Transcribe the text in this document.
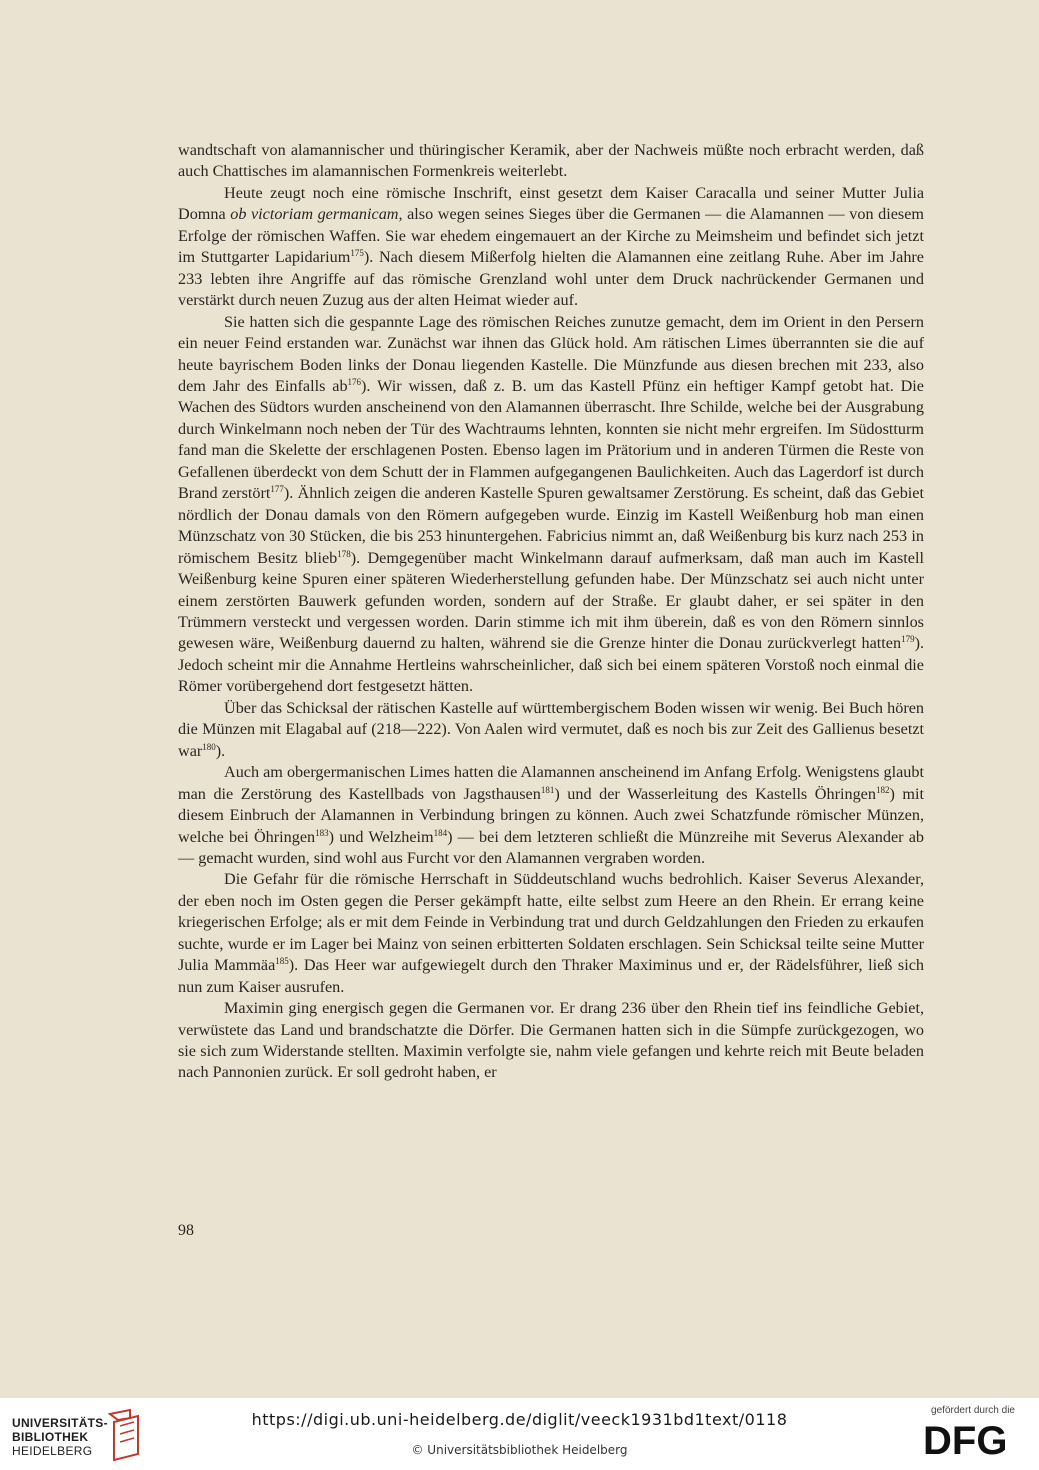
wandtschaft von alamannischer und thüringischer Keramik, aber der Nachweis müßte noch erbracht werden, daß auch Chattisches im alamannischen Formenkreis weiterlebt.

Heute zeugt noch eine römische Inschrift, einst gesetzt dem Kaiser Caracalla und seiner Mutter Julia Domna ob victoriam germanicam, also wegen seines Sieges über die Germanen — die Alamannen — von diesem Erfolge der römischen Waffen. Sie war ehedem eingemauert an der Kirche zu Meimsheim und befindet sich jetzt im Stuttgarter Lapidarium$^{175}$). Nach diesem Mißerfolg hielten die Alamannen eine zeitlang Ruhe. Aber im Jahre 233 lebten ihre Angriffe auf das römische Grenzland wohl unter dem Druck nachrückender Germanen und verstärkt durch neuen Zuzug aus der alten Heimat wieder auf.

Sie hatten sich die gespannte Lage des römischen Reiches zunutze gemacht, dem im Orient in den Persern ein neuer Feind erstanden war. Zunächst war ihnen das Glück hold. Am rätischen Limes überrannten sie die auf heute bayrischem Boden links der Donau liegenden Kastelle. Die Münzfunde aus diesen brechen mit 233, also dem Jahr des Einfalls $ab^{176}$). Wir wissen, daß z. B. um das Kastell Pfünz ein heftiger Kampf getobt hat. Die Wachen des Südtors wurden anscheinend von den Alamannen überrascht. Ihre Schilde, welche bei der Ausgrabung durch Winkelmann noch neben der Tür des Wachtraums lehnten, konnten sie nicht mehr ergreifen. Im Südostturm fand man die Skelette der erschlagenen Posten. Ebenso lagen im Prätorium und in anderen Türmen die Reste von Gefallenen überdeckt von dem Schutt der in Flammen aufgegangenen Baulichkeiten. Auch das Lagerdorf ist durch Brand zerstört$^{177}$). Ähnlich zeigen die anderen Kastelle Spuren gewaltsamer Zerstörung. Es scheint, daß das Gebiet nördlich der Donau damals von den Römern aufgegeben wurde. Einzig im Kastell Weißenburg hob man einen Münzschatz von 30 Stücken, die bis 253 hinuntergehen. Fabricius nimmt an, daß Weißenburg bis kurz nach 253 in römischem Besitz blieb$^{178}$). Demgegenüber macht Winkelmann darauf aufmerksam, daß man auch im Kastell Weißenburg keine Spuren einer späteren Wiederherstellung gefunden habe. Der Münzschatz sei auch nicht unter einem zerstörten Bauwerk gefunden worden, sondern auf der Straße. Er glaubt daher, er sei später in den Trümmern versteckt und vergessen worden. Darin stimme ich mit ihm überein, daß es von den Römern sinnlos gewesen wäre, Weißenburg dauernd zu halten, während sie die Grenze hinter die Donau zurückverlegt hatten$^{179}$). Jedoch scheint mir die Annahme Hertleins wahrscheinlicher, daß sich bei einem späteren Vorstoß noch einmal die Römer vorübergehend dort festgesetzt hätten.

Über das Schicksal der rätischen Kastelle auf württembergischem Boden wissen wir wenig. Bei Buch hören die Münzen mit Elagabal auf (218—222). Von Aalen wird vermutet, daß es noch bis zur Zeit des Gallienus besetzt war$^{180}$).

Auch am obergermanischen Limes hatten die Alamannen anscheinend im Anfang Erfolg. Wenigstens glaubt man die Zerstörung des Kastellbads von Jagsthausen$^{181}$) und der Wasserleitung des Kastells Öhringen$^{182}$) mit diesem Einbruch der Alamannen in Verbindung bringen zu können. Auch zwei Schatzfunde römischer Münzen, welche bei Öhringen$^{183}$) und Welzheim$^{184}$) — bei dem letzteren schließt die Münzreihe mit Severus Alexander ab — gemacht wurden, sind wohl aus Furcht vor den Alamannen vergraben worden.

Die Gefahr für die römische Herrschaft in Süddeutschland wuchs bedrohlich. Kaiser Severus Alexander, der eben noch im Osten gegen die Perser gekämpft hatte, eilte selbst zum Heere an den Rhein. Er errang keine kriegerischen Erfolge; als er mit dem Feinde in Verbindung trat und durch Geldzahlungen den Frieden zu erkaufen suchte, wurde er im Lager bei Mainz von seinen erbitterten Soldaten erschlagen. Sein Schicksal teilte seine Mutter Julia Mammäa$^{185}$). Das Heer war aufgewiegelt durch den Thraker Maximinus und er, der Rädelsführer, ließ sich nun zum Kaiser ausrufen.

Maximin ging energisch gegen die Germanen vor. Er drang 236 über den Rhein tief ins feindliche Gebiet, verwüstete das Land und brandschatzte die Dörfer. Die Germanen hatten sich in die Sümpfe zurückgezogen, wo sie sich zum Widerstande stellten. Maximin verfolgte sie, nahm viele gefangen und kehrte reich mit Beute beladen nach Pannonien zurück. Er soll gedroht haben, er

98
UNIVERSITÄTS-
BIBLIOTHEK
HEIDELBERG
https://digi.ub.uni-heidelberg.de/diglit/veeck1931bd1text/0118
© Universitätsbibliothek Heidelberg
gefördert durch die
DFG
